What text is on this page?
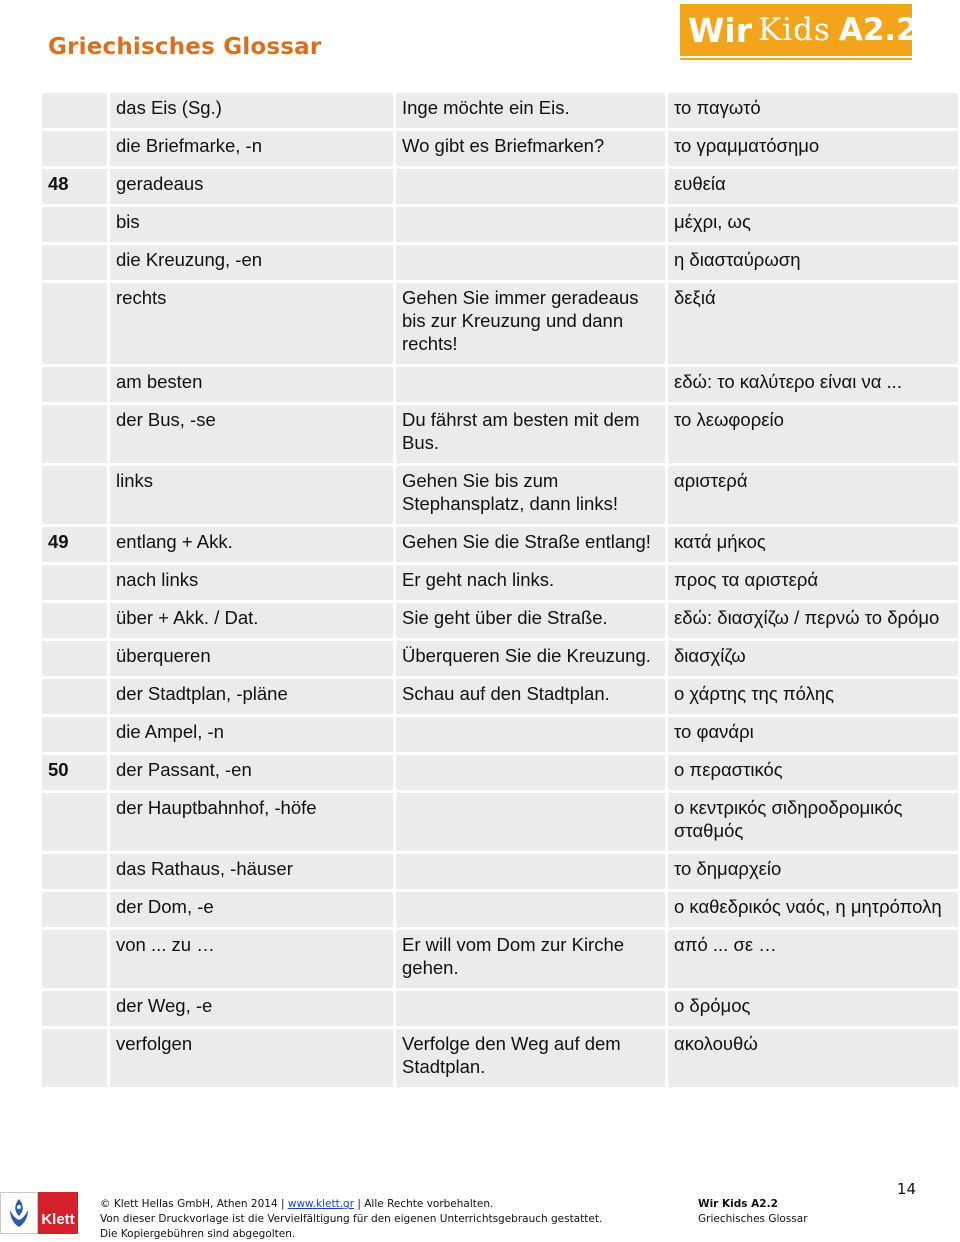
Griechisches Glossar	Wir Kids A2.2
	das Eis (Sg.)	Inge möchte ein Eis.	το παγωτό
	die Briefmarke, -n	Wo gibt es Briefmarken?	το γραμματόσημο
48	geradeaus		ευθεία
	bis		μέχρι, ως
	die Kreuzung, -en		η διασταύρωση
	rechts	Gehen Sie immer geradeaus bis zur Kreuzung und dann rechts!	δεξιά
	am besten		εδώ: το καλύτερο είναι να ...
	der Bus, -se	Du fährst am besten mit dem Bus.	το λεωφορείο
	links	Gehen Sie bis zum Stephansplatz, dann links!	αριστερά
49	entlang + Akk.	Gehen Sie die Straße entlang!	κατά μήκος
	nach links	Er geht nach links.	προς τα αριστερά
	über + Akk. / Dat.	Sie geht über die Straße.	εδώ: διασχίζω / περνώ το δρόμο
	überqueren	Überqueren Sie die Kreuzung.	διασχίζω
	der Stadtplan, -pläne	Schau auf den Stadtplan.	ο χάρτης της πόλης
	die Ampel, -n		το φανάρι
50	der Passant, -en		ο περαστικός
	der Hauptbahnhof, -höfe		ο κεντρικός σιδηροδρομικός σταθμός
	das Rathaus, -häuser		το δημαρχείο
	der Dom, -e		ο καθεδρικός ναός, η μητρόπολη
	von ... zu …	Er will vom Dom zur Kirche gehen.	από ... σε …
	der Weg, -e		ο δρόμος
	verfolgen	Verfolge den Weg auf dem Stadtplan.	ακολουθώ
14
Klett
© Klett Hellas GmbH, Athen 2014 | www.klett.gr | Alle Rechte vorbehalten.
Von dieser Druckvorlage ist die Vervielfältigung für den eigenen Unterrichtsgebrauch gestattet.
Die Kopiergebühren sind abgegolten.
Wir Kids A2.2
Griechisches Glossar
